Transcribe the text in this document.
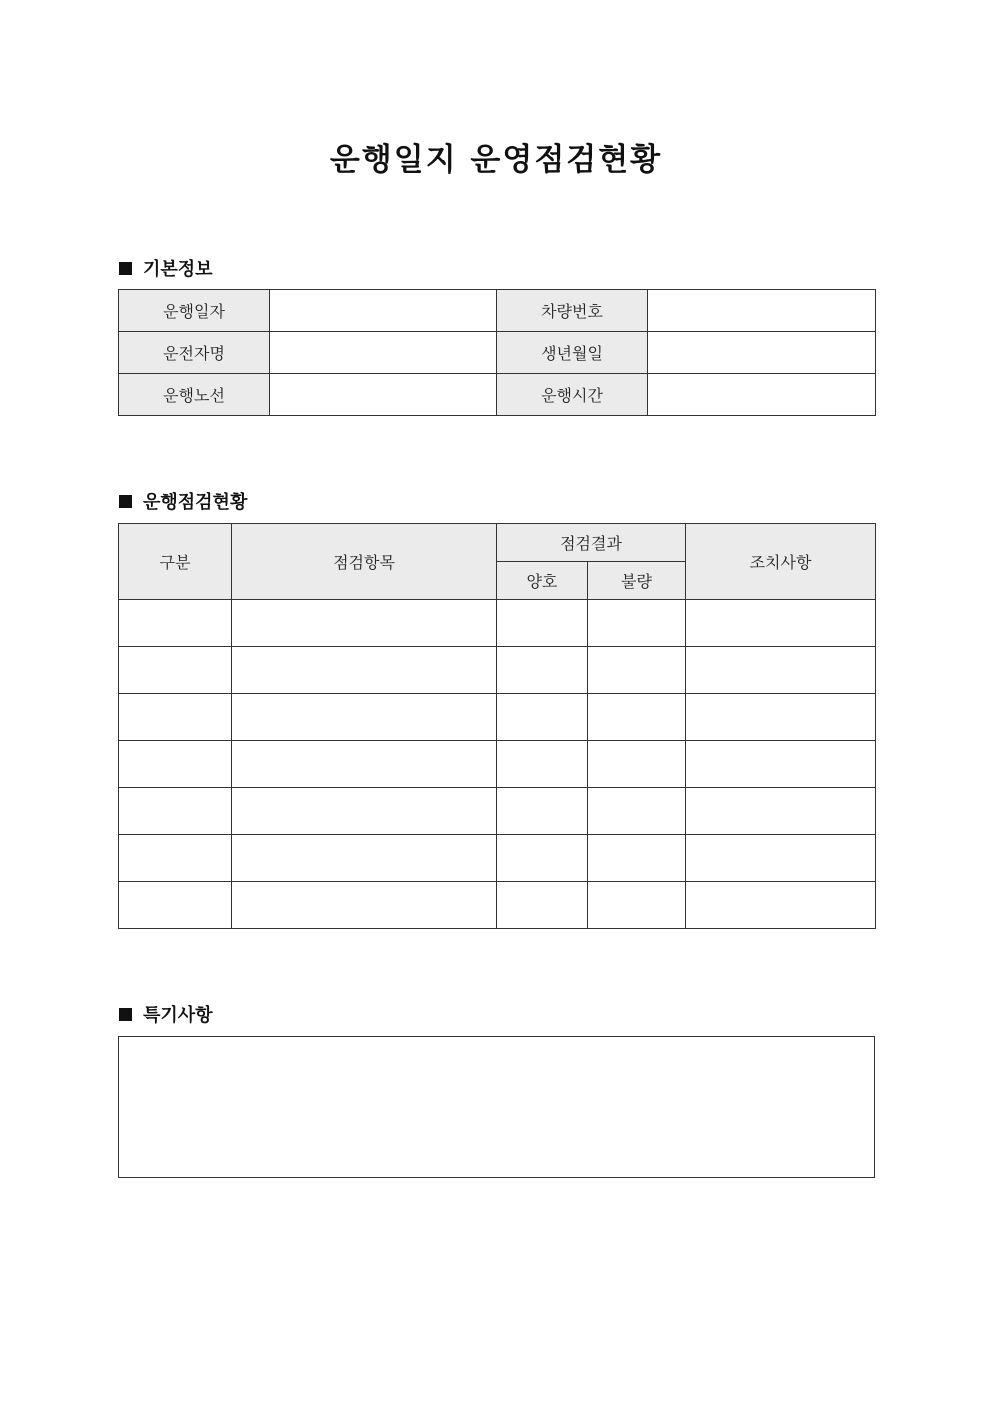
운행일지 운영점검현황
기본정보
운행일자		차량번호	
운전자명		생년월일	
운행노선		운행시간	
운행점검현황
구분	점검항목	점검결과		조치사항
		양호	불량	

특기사항
